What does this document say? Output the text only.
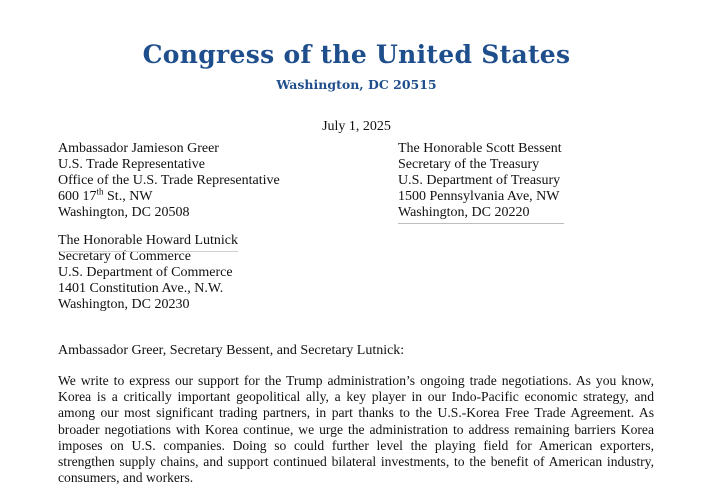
Congress of the United States
Washington, DC 20515
July 1, 2025
Ambassador Jamieson Greer
U.S. Trade Representative
Office of the U.S. Trade Representative
600 17th St., NW
Washington, DC 20508
The Honorable Scott Bessent
Secretary of the Treasury
U.S. Department of Treasury
1500 Pennsylvania Ave, NW
Washington, DC 20220
The Honorable Howard Lutnick
Secretary of Commerce
U.S. Department of Commerce
1401 Constitution Ave., N.W.
Washington, DC 20230
Ambassador Greer, Secretary Bessent, and Secretary Lutnick:
We write to express our support for the Trump administration’s ongoing trade negotiations. As you know, Korea is a critically important geopolitical ally, a key player in our Indo-Pacific economic strategy, and among our most significant trading partners, in part thanks to the U.S.-Korea Free Trade Agreement. As broader negotiations with Korea continue, we urge the administration to address remaining barriers Korea imposes on U.S. companies. Doing so could further level the playing field for American exporters, strengthen supply chains, and support continued bilateral investments, to the benefit of American industry, consumers, and workers.
